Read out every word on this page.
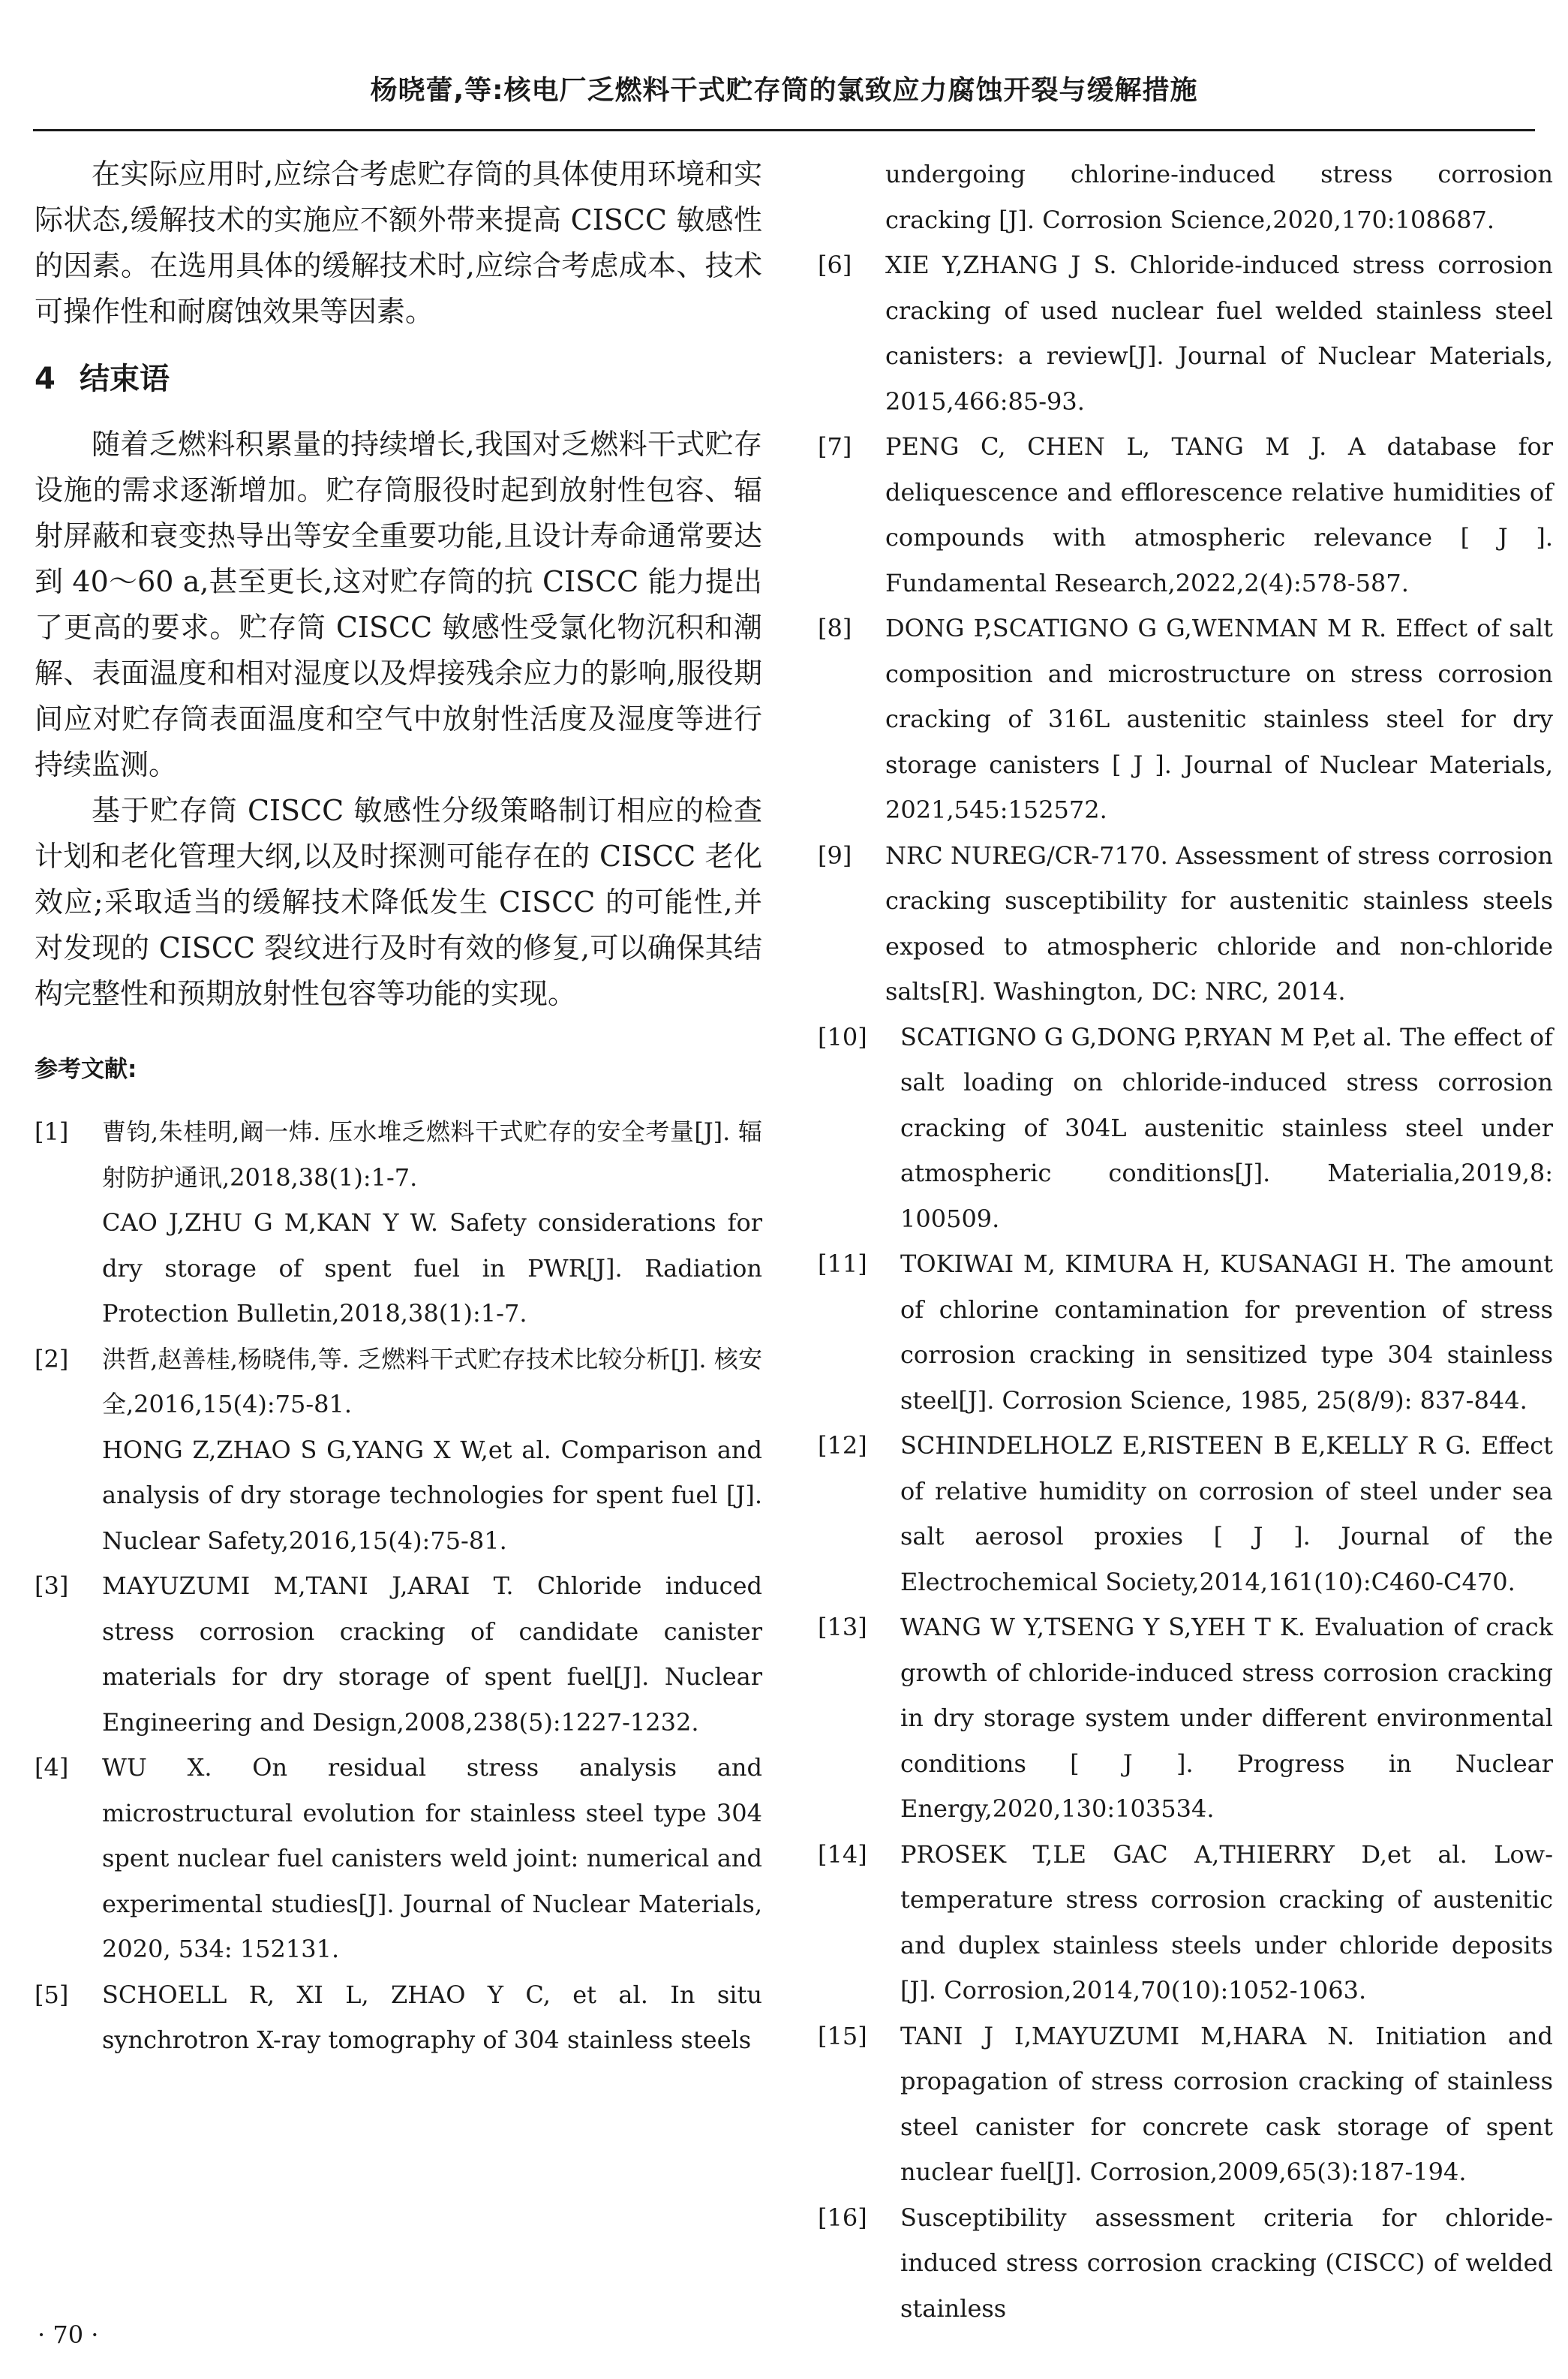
杨晓蕾,等:核电厂乏燃料干式贮存筒的氯致应力腐蚀开裂与缓解措施

在实际应用时,应综合考虑贮存筒的具体使用环境和实际状态,缓解技术的实施应不额外带来提高 CISCC 敏感性的因素。在选用具体的缓解技术时,应综合考虑成本、技术可操作性和耐腐蚀效果等因素。

4 结束语

随着乏燃料积累量的持续增长,我国对乏燃料干式贮存设施的需求逐渐增加。贮存筒服役时起到放射性包容、辐射屏蔽和衰变热导出等安全重要功能,且设计寿命通常要达到 40～60 a,甚至更长,这对贮存筒的抗 CISCC 能力提出了更高的要求。贮存筒 CISCC 敏感性受氯化物沉积和潮解、表面温度和相对湿度以及焊接残余应力的影响,服役期间应对贮存筒表面温度和空气中放射性活度及湿度等进行持续监测。

基于贮存筒 CISCC 敏感性分级策略制订相应的检查计划和老化管理大纲,以及时探测可能存在的 CISCC 老化效应;采取适当的缓解技术降低发生 CISCC 的可能性,并对发现的 CISCC 裂纹进行及时有效的修复,可以确保其结构完整性和预期放射性包容等功能的实现。

参考文献:
[1] 曹钧,朱桂明,阚一炜. 压水堆乏燃料干式贮存的安全考量[J]. 辐射防护通讯,2018,38(1):1-7.
CAO J,ZHU G M,KAN Y W. Safety considerations for dry storage of spent fuel in PWR[J]. Radiation Protection Bulletin,2018,38(1):1-7.
[2] 洪哲,赵善桂,杨晓伟,等. 乏燃料干式贮存技术比较分析[J]. 核安全,2016,15(4):75-81.
HONG Z,ZHAO S G,YANG X W,et al. Comparison and analysis of dry storage technologies for spent fuel [J]. Nuclear Safety,2016,15(4):75-81.
[3] MAYUZUMI M,TANI J,ARAI T. Chloride induced stress corrosion cracking of candidate canister materials for dry storage of spent fuel[J]. Nuclear Engineering and Design,2008,238(5):1227-1232.
[4] WU X. On residual stress analysis and microstructural evolution for stainless steel type 304 spent nuclear fuel canisters weld joint: numerical and experimental studies[J]. Journal of Nuclear Materials, 2020, 534: 152131.
[5] SCHOELL R, XI L, ZHAO Y C, et al. In situ synchrotron X-ray tomography of 304 stainless steels
undergoing chlorine-induced stress corrosion cracking [J]. Corrosion Science,2020,170:108687.
[6] XIE Y,ZHANG J S. Chloride-induced stress corrosion cracking of used nuclear fuel welded stainless steel canisters: a review[J]. Journal of Nuclear Materials, 2015,466:85-93.
[7] PENG C, CHEN L, TANG M J. A database for deliquescence and efflorescence relative humidities of compounds with atmospheric relevance [ J ]. Fundamental Research,2022,2(4):578-587.
[8] DONG P,SCATIGNO G G,WENMAN M R. Effect of salt composition and microstructure on stress corrosion cracking of 316L austenitic stainless steel for dry storage canisters [ J ]. Journal of Nuclear Materials, 2021,545:152572.
[9] NRC NUREG/CR-7170. Assessment of stress corrosion cracking susceptibility for austenitic stainless steels exposed to atmospheric chloride and non-chloride salts[R]. Washington, DC: NRC, 2014.
[10] SCATIGNO G G,DONG P,RYAN M P,et al. The effect of salt loading on chloride-induced stress corrosion cracking of 304L austenitic stainless steel under atmospheric conditions[J]. Materialia,2019,8: 100509.
[11] TOKIWAI M, KIMURA H, KUSANAGI H. The amount of chlorine contamination for prevention of stress corrosion cracking in sensitized type 304 stainless steel[J]. Corrosion Science, 1985, 25(8/9): 837-844.
[12] SCHINDELHOLZ E,RISTEEN B E,KELLY R G. Effect of relative humidity on corrosion of steel under sea salt aerosol proxies [ J ]. Journal of the Electrochemical Society,2014,161(10):C460-C470.
[13] WANG W Y,TSENG Y S,YEH T K. Evaluation of crack growth of chloride-induced stress corrosion cracking in dry storage system under different environmental conditions [ J ]. Progress in Nuclear Energy,2020,130:103534.
[14] PROSEK T,LE GAC A,THIERRY D,et al. Low-temperature stress corrosion cracking of austenitic and duplex stainless steels under chloride deposits [J]. Corrosion,2014,70(10):1052-1063.
[15] TANI J I,MAYUZUMI M,HARA N. Initiation and propagation of stress corrosion cracking of stainless steel canister for concrete cask storage of spent nuclear fuel[J]. Corrosion,2009,65(3):187-194.
[16] Susceptibility assessment criteria for chloride-induced stress corrosion cracking (CISCC) of welded stainless
· 70 ·
